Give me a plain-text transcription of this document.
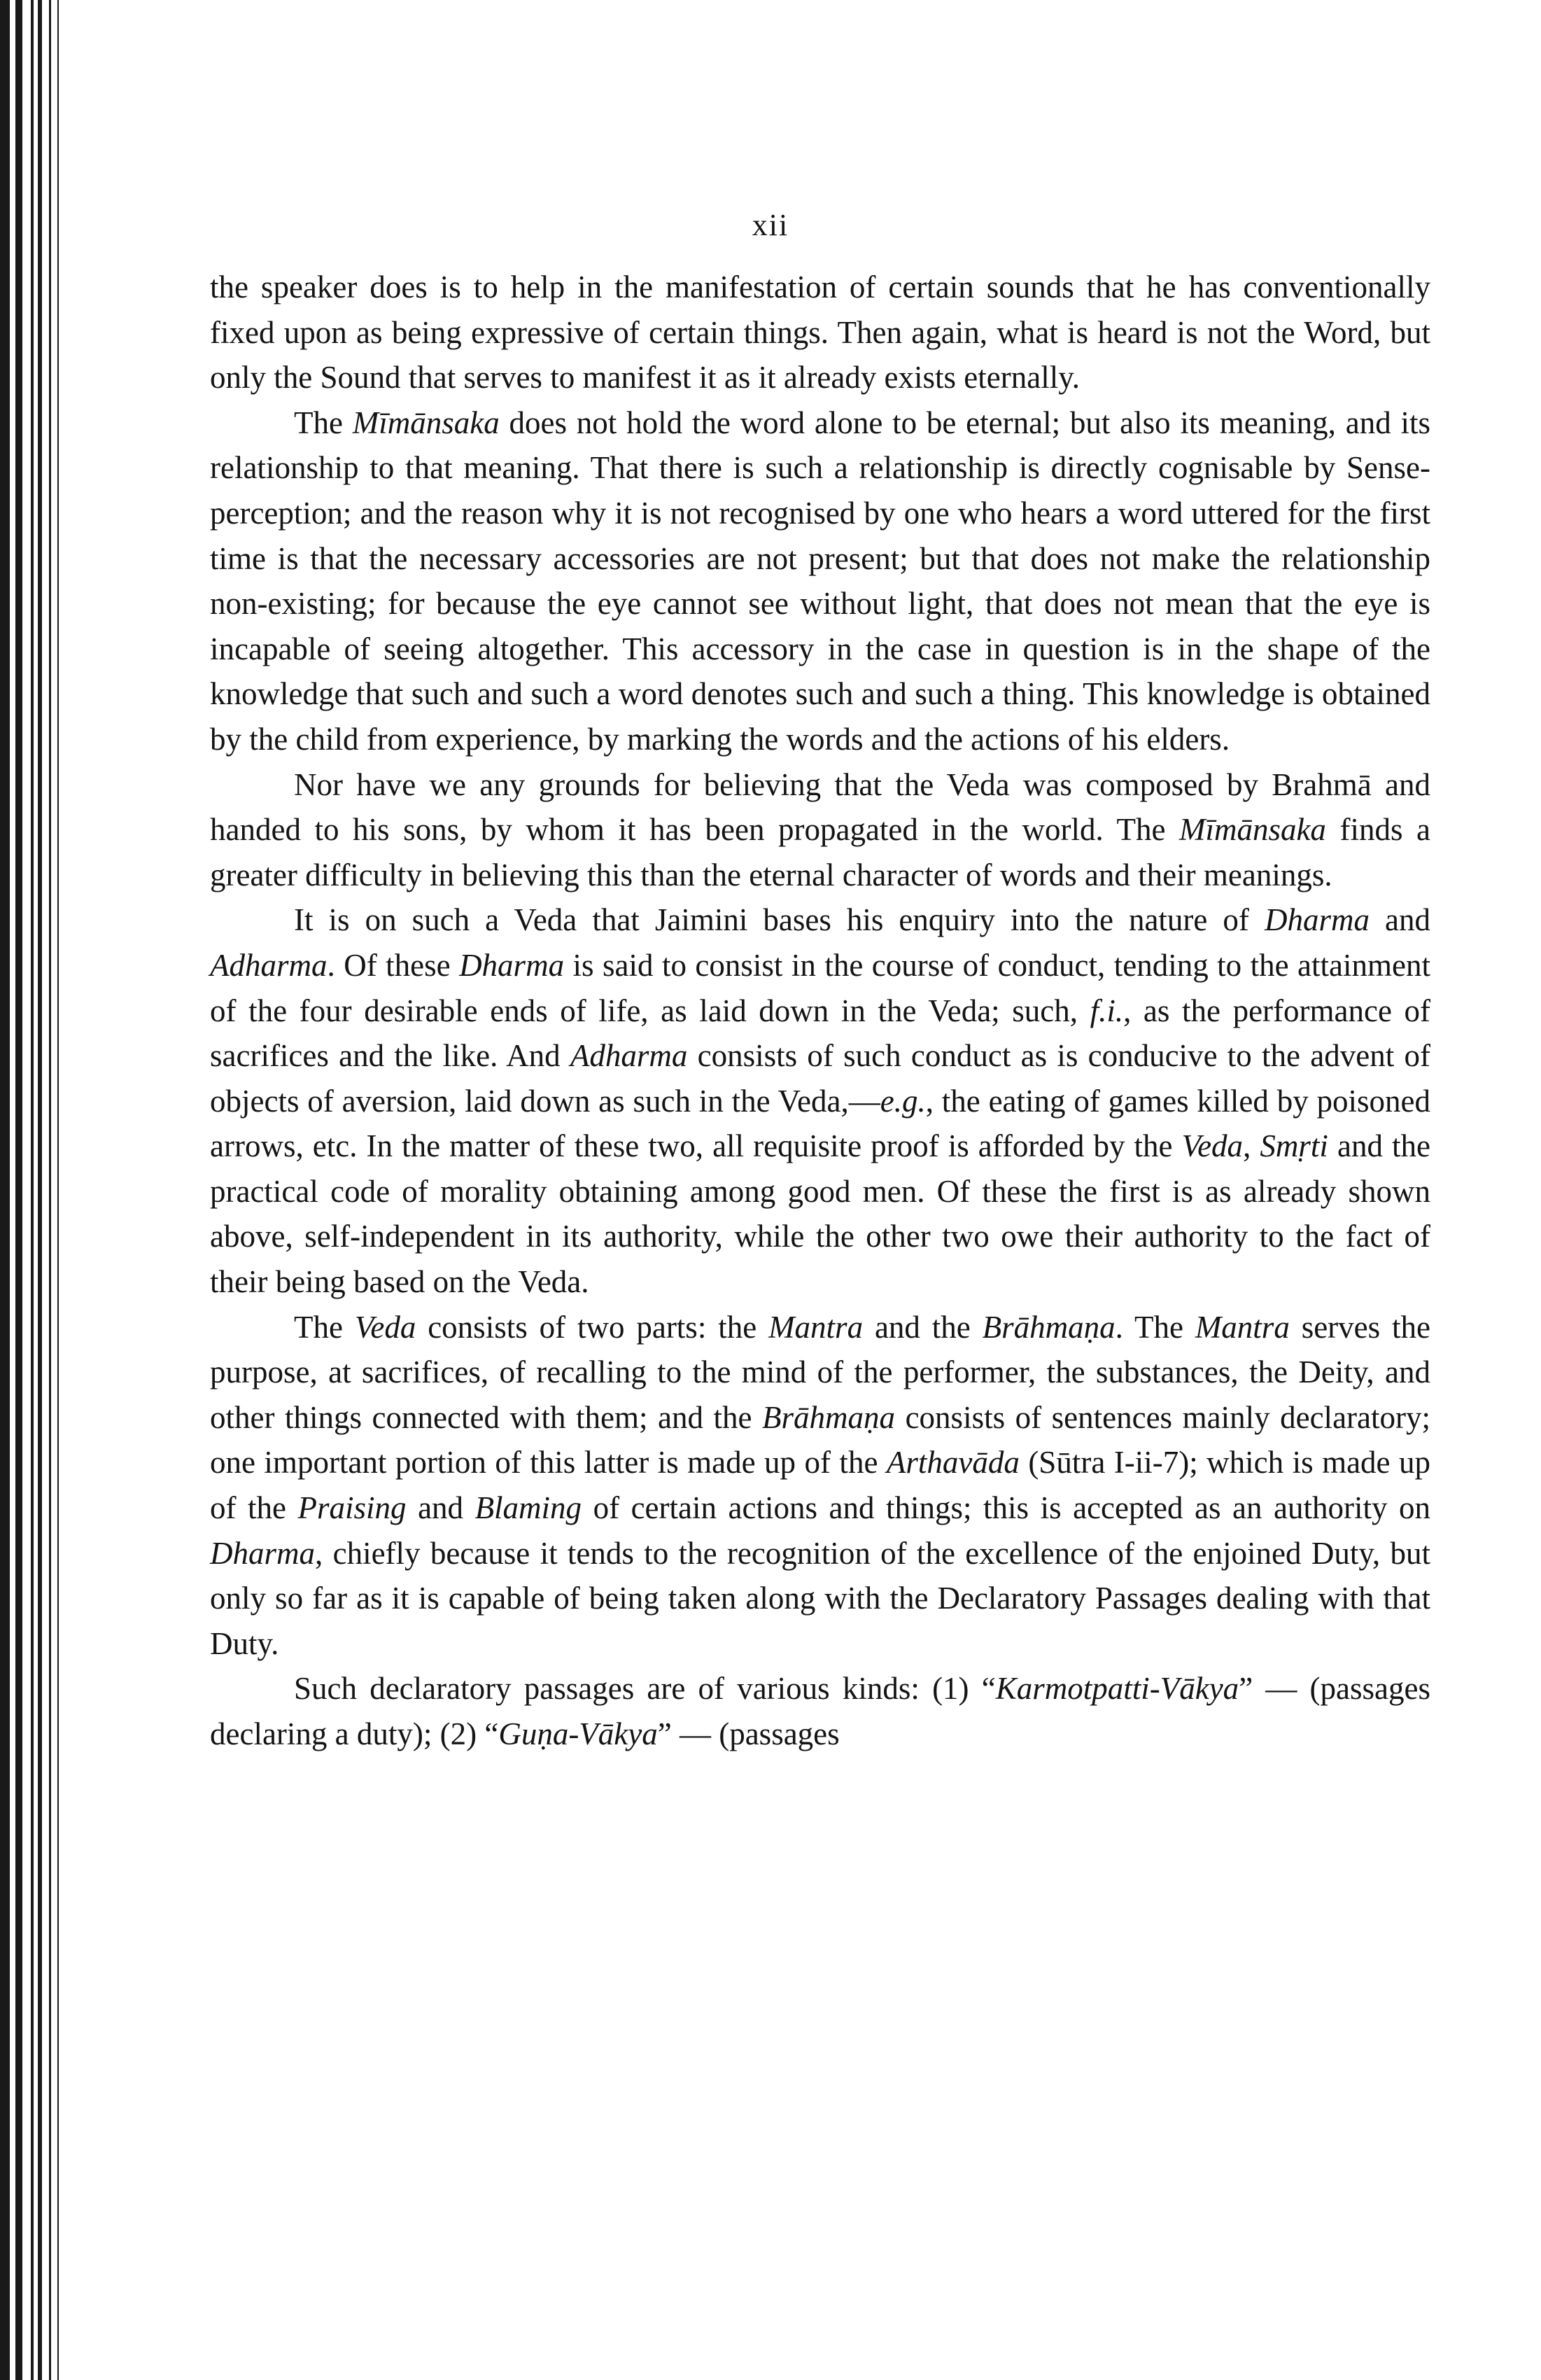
xii

the speaker does is to help in the manifestation of certain sounds that he has conventionally fixed upon as being expressive of certain things. Then again, what is heard is not the Word, but only the Sound that serves to manifest it as it already exists eternally.

The Mīmānsaka does not hold the word alone to be eternal; but also its meaning, and its relationship to that meaning. That there is such a relationship is directly cognisable by Sense-perception; and the reason why it is not recognised by one who hears a word uttered for the first time is that the necessary accessories are not present; but that does not make the relationship non-existing; for because the eye cannot see without light, that does not mean that the eye is incapable of seeing altogether. This accessory in the case in question is in the shape of the knowledge that such and such a word denotes such and such a thing. This knowledge is obtained by the child from experience, by marking the words and the actions of his elders.

Nor have we any grounds for believing that the Veda was composed by Brahmā and handed to his sons, by whom it has been propagated in the world. The Mīmānsaka finds a greater difficulty in believing this than the eternal character of words and their meanings.

It is on such a Veda that Jaimini bases his enquiry into the nature of Dharma and Adharma. Of these Dharma is said to consist in the course of conduct, tending to the attainment of the four desirable ends of life, as laid down in the Veda; such, f.i., as the performance of sacrifices and the like. And Adharma consists of such conduct as is conducive to the advent of objects of aversion, laid down as such in the Veda,—e.g., the eating of games killed by poisoned arrows, etc. In the matter of these two, all requisite proof is afforded by the Veda, Smṛti and the practical code of morality obtaining among good men. Of these the first is as already shown above, self-independent in its authority, while the other two owe their authority to the fact of their being based on the Veda.

The Veda consists of two parts: the Mantra and the Brāhmaṇa. The Mantra serves the purpose, at sacrifices, of recalling to the mind of the performer, the substances, the Deity, and other things connected with them; and the Brāhmaṇa consists of sentences mainly declaratory; one important portion of this latter is made up of the Arthavāda (Sūtra I-ii-7); which is made up of the Praising and Blaming of certain actions and things; this is accepted as an authority on Dharma, chiefly because it tends to the recognition of the excellence of the enjoined Duty, but only so far as it is capable of being taken along with the Declaratory Passages dealing with that Duty.

Such declaratory passages are of various kinds: (1) “Karmotpatti-Vākya” — (passages declaring a duty); (2) “Guṇa-Vākya” — (passages
